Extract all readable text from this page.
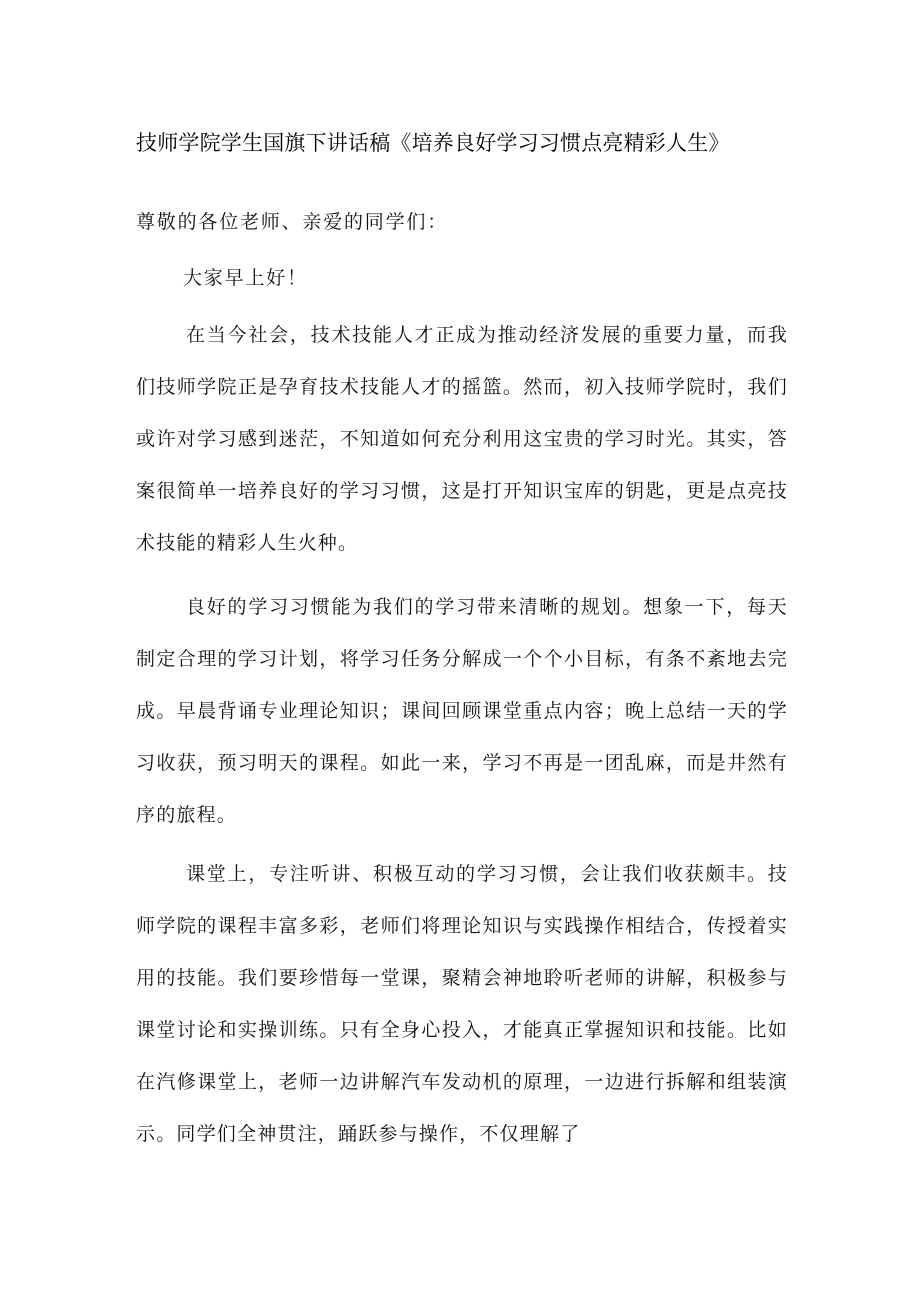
技师学院学生国旗下讲话稿《培养良好学习习惯点亮精彩人生》

尊敬的各位老师、亲爱的同学们：

大家早上好！

在当今社会，技术技能人才正成为推动经济发展的重要力量，而我们技师学院正是孕育技术技能人才的摇篮。然而，初入技师学院时，我们或许对学习感到迷茫，不知道如何充分利用这宝贵的学习时光。其实，答案很简单一培养良好的学习习惯，这是打开知识宝库的钥匙，更是点亮技术技能的精彩人生火种。

良好的学习习惯能为我们的学习带来清晰的规划。想象一下，每天制定合理的学习计划，将学习任务分解成一个个小目标，有条不紊地去完成。早晨背诵专业理论知识；课间回顾课堂重点内容；晚上总结一天的学习收获，预习明天的课程。如此一来，学习不再是一团乱麻，而是井然有序的旅程。

课堂上，专注听讲、积极互动的学习习惯，会让我们收获颇丰。技师学院的课程丰富多彩，老师们将理论知识与实践操作相结合，传授着实用的技能。我们要珍惜每一堂课，聚精会神地聆听老师的讲解，积极参与课堂讨论和实操训练。只有全身心投入，才能真正掌握知识和技能。比如在汽修课堂上，老师一边讲解汽车发动机的原理，一边进行拆解和组装演示。同学们全神贯注，踊跃参与操作，不仅理解了
